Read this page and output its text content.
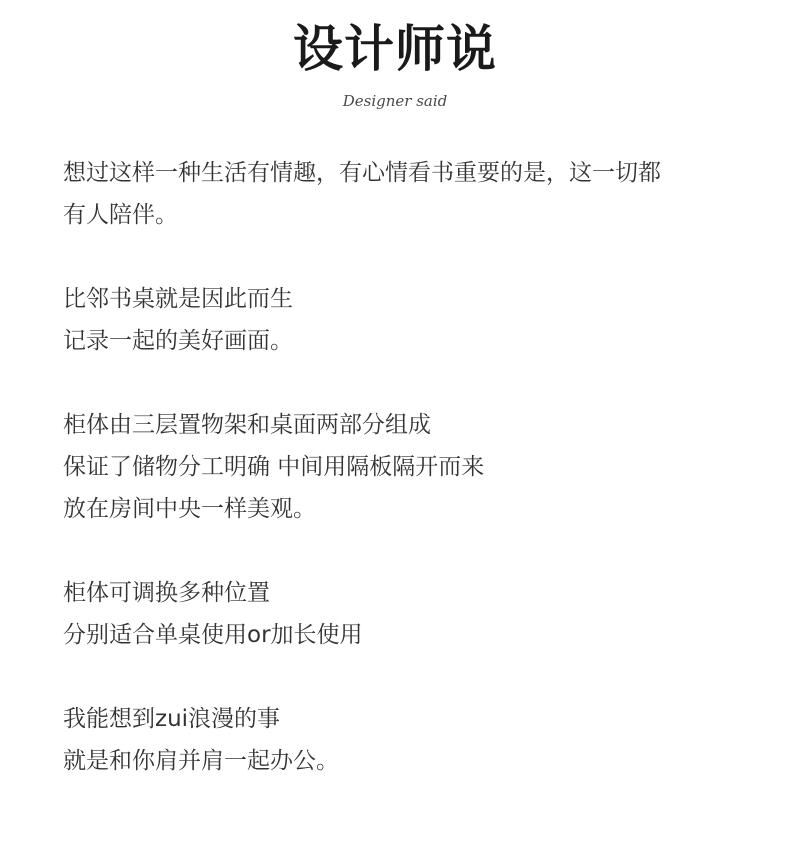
设计师说
Designer said
想过这样一种生活有情趣，有心情看书重要的是，这一切都
有人陪伴。
比邻书桌就是因此而生
记录一起的美好画面。
柜体由三层置物架和桌面两部分组成
保证了储物分工明确 中间用隔板隔开而来
放在房间中央一样美观。
柜体可调换多种位置
分别适合单桌使用or加长使用
我能想到zui浪漫的事
就是和你肩并肩一起办公。
